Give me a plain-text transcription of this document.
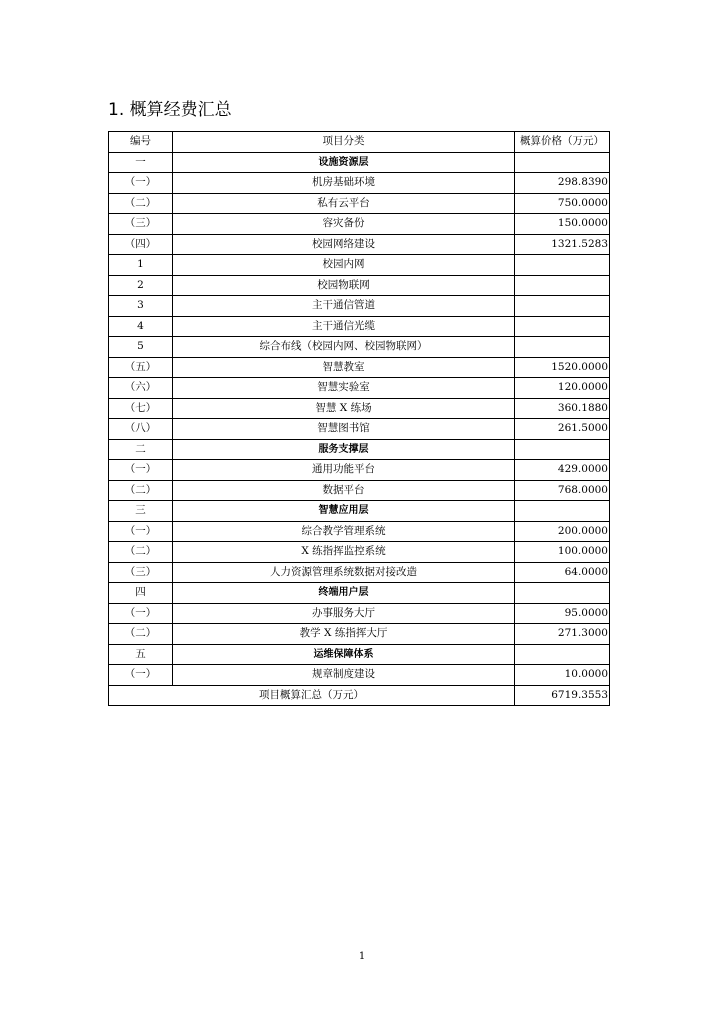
1. 概算经费汇总
编号	项目分类	概算价格（万元）
一	设施资源层	
（一）	机房基础环境	298.8390
（二）	私有云平台	750.0000
（三）	容灾备份	150.0000
（四）	校园网络建设	1321.5283
1	校园内网	
2	校园物联网	
3	主干通信管道	
4	主干通信光缆	
5	综合布线（校园内网、校园物联网）	
（五）	智慧教室	1520.0000
（六）	智慧实验室	120.0000
（七）	智慧 X 练场	360.1880
（八）	智慧图书馆	261.5000
二	服务支撑层	
（一）	通用功能平台	429.0000
（二）	数据平台	768.0000
三	智慧应用层	
（一）	综合教学管理系统	200.0000
（二）	X 练指挥监控系统	100.0000
（三）	人力资源管理系统数据对接改造	64.0000
四	终端用户层	
（一）	办事服务大厅	95.0000
（二）	教学 X 练指挥大厅	271.3000
五	运维保障体系	
（一）	规章制度建设	10.0000
项目概算汇总（万元）		6719.3553
1
